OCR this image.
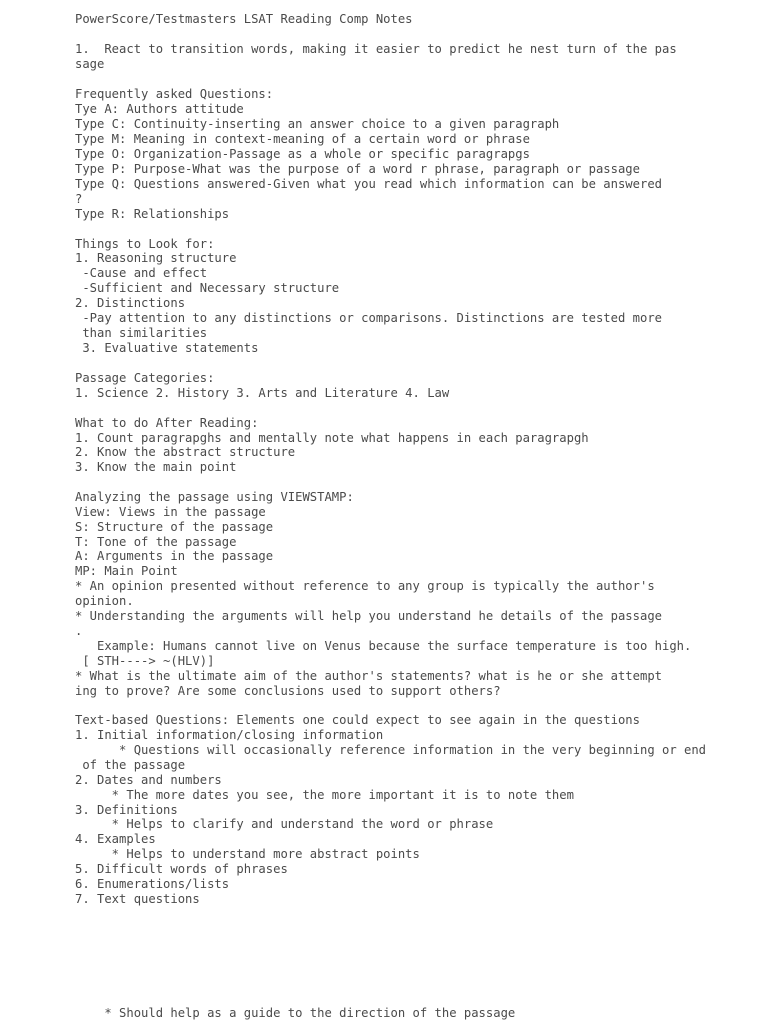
PowerScore/Testmasters LSAT Reading Comp Notes

1.  React to transition words, making it easier to predict he nest turn of the pas

sage

Frequently asked Questions:

Tye A: Authors attitude

Type C: Continuity-inserting an answer choice to a given paragraph

Type M: Meaning in context-meaning of a certain word or phrase

Type O: Organization-Passage as a whole or specific paragrapgs

Type P: Purpose-What was the purpose of a word r phrase, paragraph or passage

Type Q: Questions answered-Given what you read which information can be answered

?

Type R: Relationships

Things to Look for:

1. Reasoning structure

-Cause and effect

-Sufficient and Necessary structure

2. Distinctions

-Pay attention to any distinctions or comparisons. Distinctions are tested more

than similarities

3. Evaluative statements

Passage Categories:

1. Science 2. History 3. Arts and Literature 4. Law

What to do After Reading:

1. Count paragrapghs and mentally note what happens in each paragrapgh

2. Know the abstract structure

3. Know the main point

Analyzing the passage using VIEWSTAMP:

View: Views in the passage

S: Structure of the passage

T: Tone of the passage

A: Arguments in the passage

MP: Main Point

* An opinion presented without reference to any group is typically the author's

opinion.

* Understanding the arguments will help you understand he details of the passage

.

Example: Humans cannot live on Venus because the surface temperature is too high.

[ STH----> ~(HLV)]

* What is the ultimate aim of the author's statements? what is he or she attempt

ing to prove? Are some conclusions used to support others?

Text-based Questions: Elements one could expect to see again in the questions

1. Initial information/closing information

* Questions will occasionally reference information in the very beginning or end

of the passage

2. Dates and numbers

* The more dates you see, the more important it is to note them

3. Definitions

* Helps to clarify and understand the word or phrase

4. Examples

* Helps to understand more abstract points

5. Difficult words of phrases

6. Enumerations/lists

7. Text questions

* Should help as a guide to the direction of the passage
